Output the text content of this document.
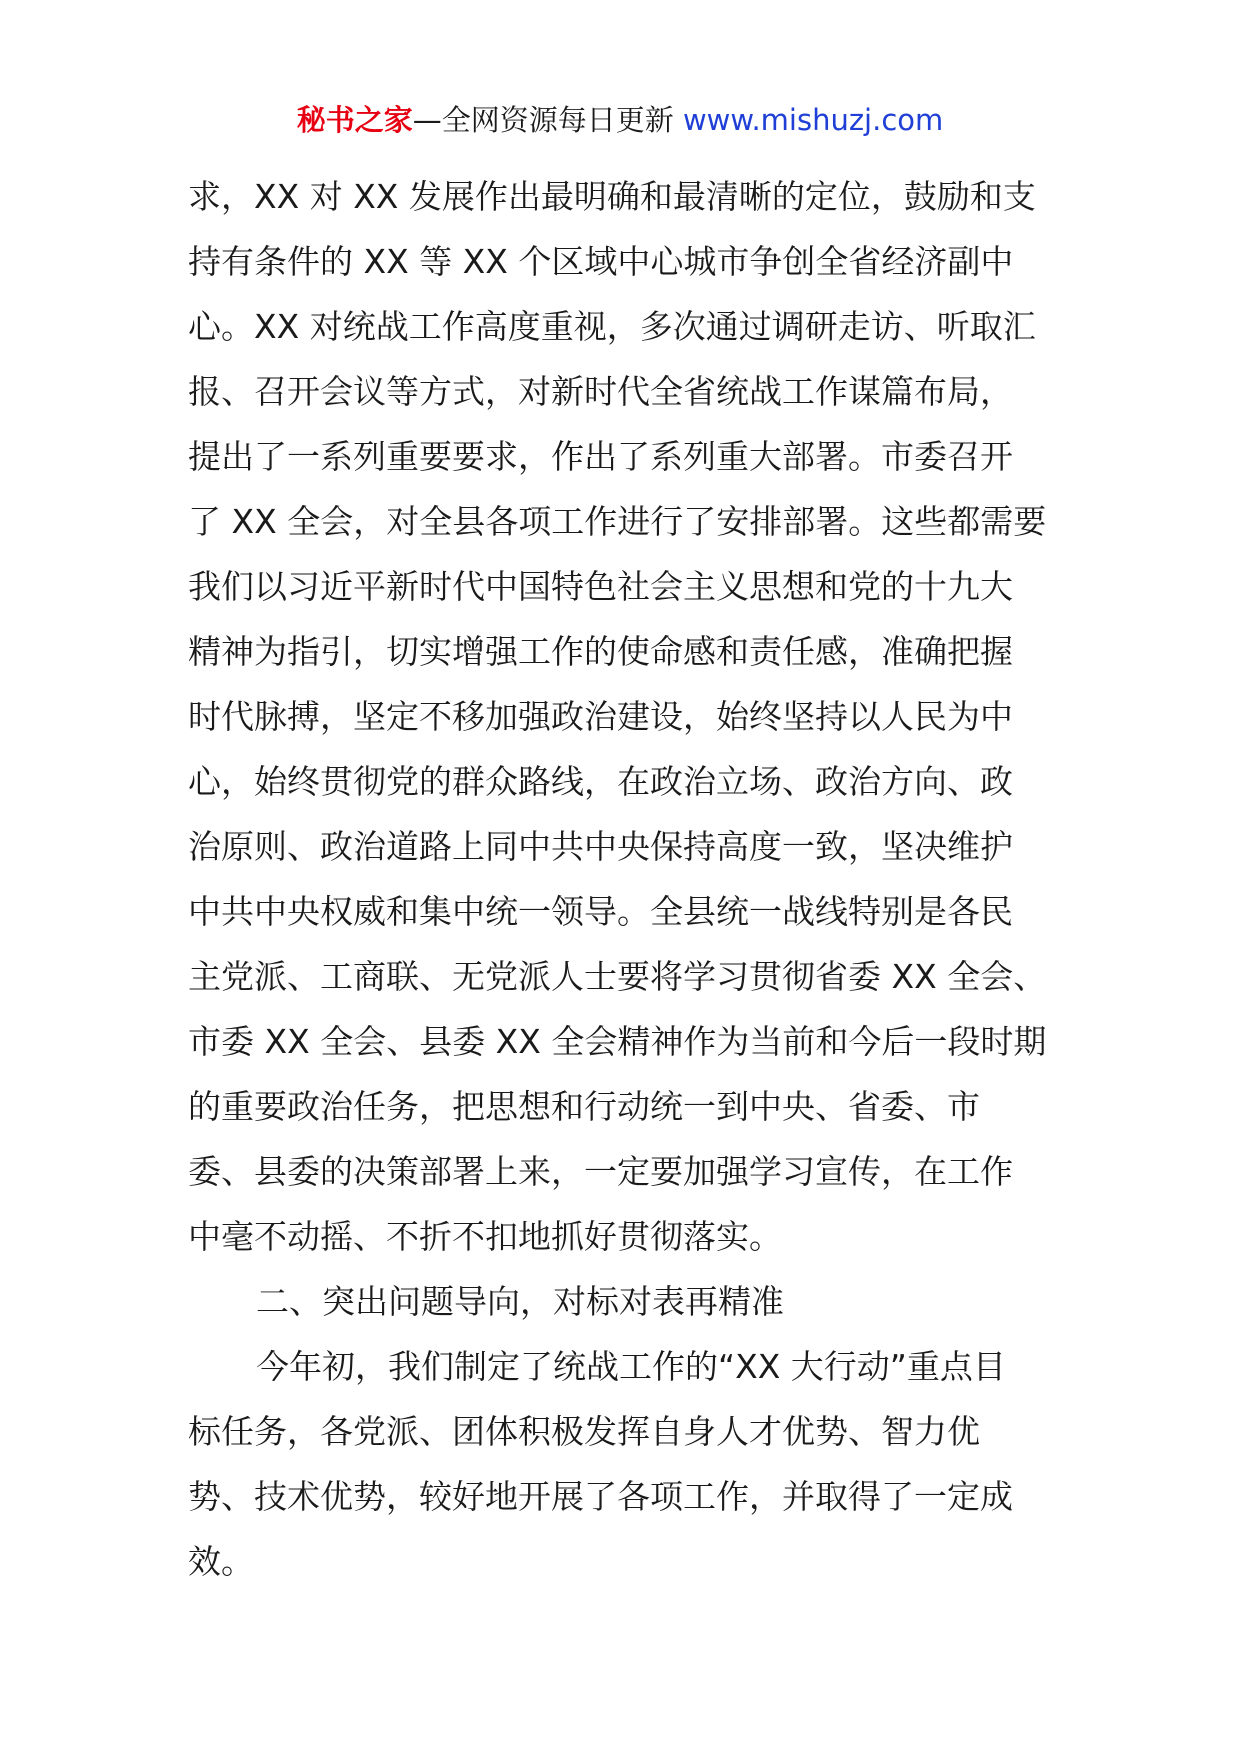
秘书之家—全网资源每日更新 www.mishuzj.com
求，XX 对 XX 发展作出最明确和最清晰的定位，鼓励和支
持有条件的 XX 等 XX 个区域中心城市争创全省经济副中
心。XX 对统战工作高度重视，多次通过调研走访、听取汇
报、召开会议等方式，对新时代全省统战工作谋篇布局，
提出了一系列重要要求，作出了系列重大部署。市委召开
了 XX 全会，对全县各项工作进行了安排部署。这些都需要
我们以习近平新时代中国特色社会主义思想和党的十九大
精神为指引，切实增强工作的使命感和责任感，准确把握
时代脉搏，坚定不移加强政治建设，始终坚持以人民为中
心，始终贯彻党的群众路线，在政治立场、政治方向、政
治原则、政治道路上同中共中央保持高度一致，坚决维护
中共中央权威和集中统一领导。全县统一战线特别是各民
主党派、工商联、无党派人士要将学习贯彻省委 XX 全会、
市委 XX 全会、县委 XX 全会精神作为当前和今后一段时期
的重要政治任务，把思想和行动统一到中央、省委、市
委、县委的决策部署上来，一定要加强学习宣传，在工作
中毫不动摇、不折不扣地抓好贯彻落实。
二、突出问题导向，对标对表再精准
今年初，我们制定了统战工作的“XX 大行动”重点目
标任务，各党派、团体积极发挥自身人才优势、智力优
势、技术优势，较好地开展了各项工作，并取得了一定成
效。
